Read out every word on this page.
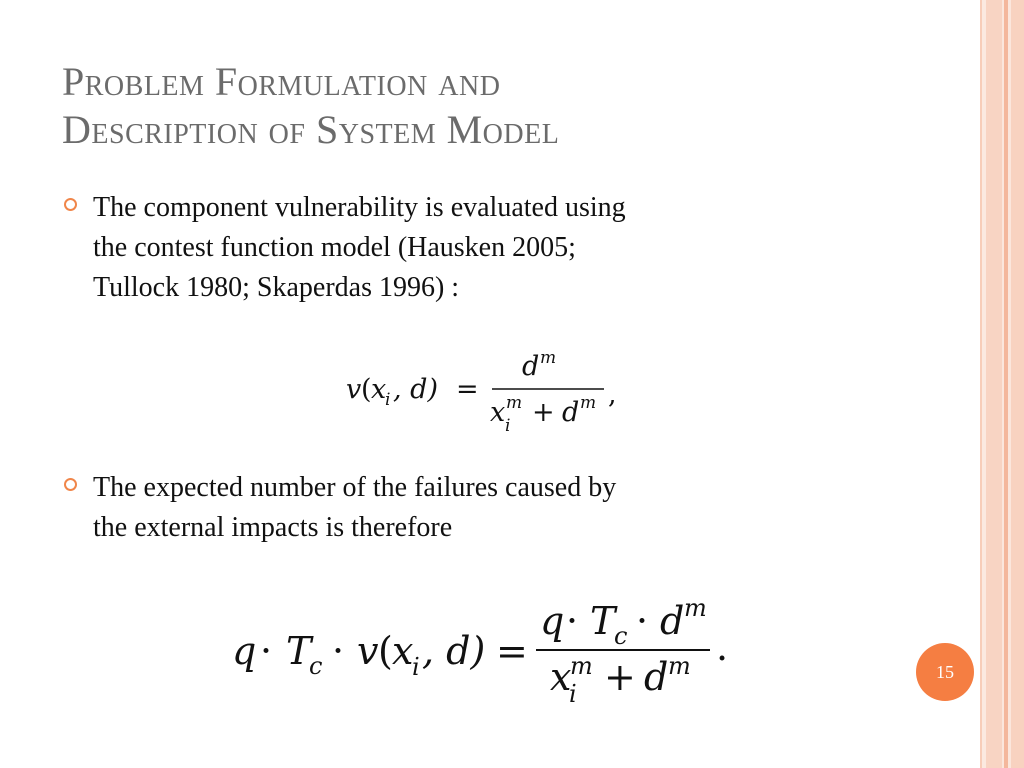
Problem Formulation and
Description of System Model
The component vulnerability is evaluated using
the contest function model (Hausken 2005;
Tullock 1980; Skaperdas 1996) :
v ( x
i , d) =
d m
x m
i + d m ,
The expected number of the failures caused by
the external impacts is therefore
q · T
c · v ( x
i , d) =
q · T
c · d m
x
m
i + d m .
15
